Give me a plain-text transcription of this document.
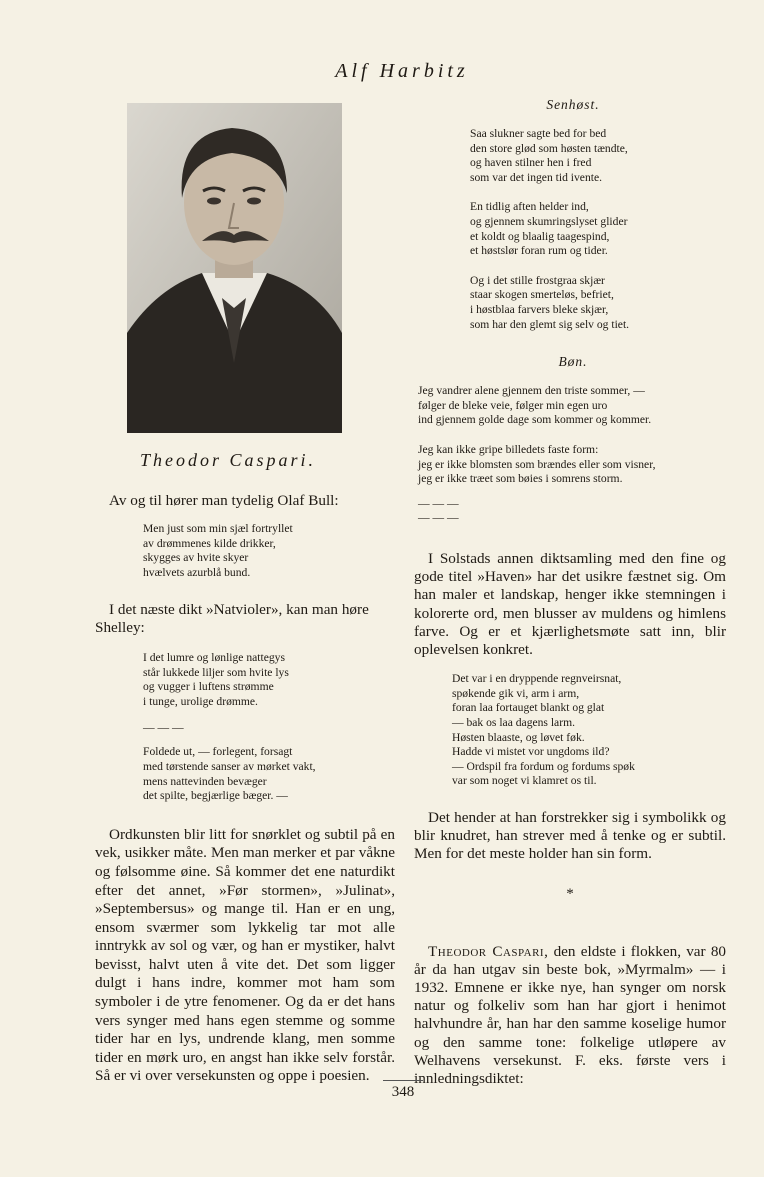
Alf Harbitz
Theodor Caspari.

Senhøst.

Saa slukner sagte bed for bed
den store glød som høsten tændte,
og haven stilner hen i fred
som var det ingen tid ivente.

En tidlig aften helder ind,
og gjennem skumringslyset glider
et koldt og blaalig taagespind,
et høstslør foran rum og tider.

Og i det stille frostgraa skjær
staar skogen smerteløs, befriet,
i høstblaa farvers bleke skjær,
som har den glemt sig selv og tiet.

Bøn.

Jeg vandrer alene gjennem den triste sommer, —
følger de bleke veie, følger min egen uro
ind gjennem golde dage som kommer og kommer.

Jeg kan ikke gripe billedets faste form:
jeg er ikke blomsten som brændes eller som visner,
jeg er ikke træet som bøies i somrens storm.

— — —
— — —

Av og til hører man tydelig Olaf Bull:

Men just som min sjæl fortryllet
av drømmenes kilde drikker,
skygges av hvite skyer
hvælvets azurblå bund.

I det næste dikt »Natvioler», kan man høre Shelley:

I det lumre og lønlige nattegys
står lukkede liljer som hvite lys
og vugger i luftens strømme
i tunge, urolige drømme.

— — —

Foldede ut, — forlegent, forsagt
med tørstende sanser av mørket vakt,
mens nattevinden bevæger
det spilte, begjærlige bæger. —

Ordkunsten blir litt for snørklet og subtil på en vek, usikker måte. Men man merker et par våkne og følsomme øine. Så kommer det ene naturdikt efter det annet, »Før stormen», »Julinat», »Septembersus» og mange til. Han er en ung, ensom sværmer som lykkelig tar mot alle inntrykk av sol og vær, og han er mystiker, halvt bevisst, halvt uten å vite det. Det som ligger dulgt i hans indre, kommer mot ham som symboler i de ytre fenomener. Og da er det hans vers synger med hans egen stemme og somme tider har en lys, undrende klang, men somme tider en mørk uro, en angst han ikke selv forstår. Så er vi over versekunsten og oppe i poesien.

I Solstads annen diktsamling med den fine og gode titel »Haven» har det usikre fæstnet sig. Om han maler et landskap, henger ikke stemningen i kolorerte ord, men blusser av muldens og himlens farve. Og er et kjærlighetsmøte satt inn, blir oplevelsen konkret.

Det var i en dryppende regnveirsnat,
spøkende gik vi, arm i arm,
foran laa fortauget blankt og glat
— bak os laa dagens larm.
Høsten blaaste, og løvet føk.
Hadde vi mistet vor ungdoms ild?
— Ordspil fra fordum og fordums spøk
var som noget vi klamret os til.

Det hender at han forstrekker sig i symbolikk og blir knudret, han strever med å tenke og er subtil. Men for det meste holder han sin form.

*

Theodor Caspari, den eldste i flokken, var 80 år da han utgav sin beste bok, »Myrmalm» — i 1932. Emnene er ikke nye, han synger om norsk natur og folkeliv som han har gjort i henimot halvhundre år, han har den samme koselige humor og den samme tone: folkelige utløpere av Welhavens versekunst. F. eks. første vers i innledningsdiktet:

348
